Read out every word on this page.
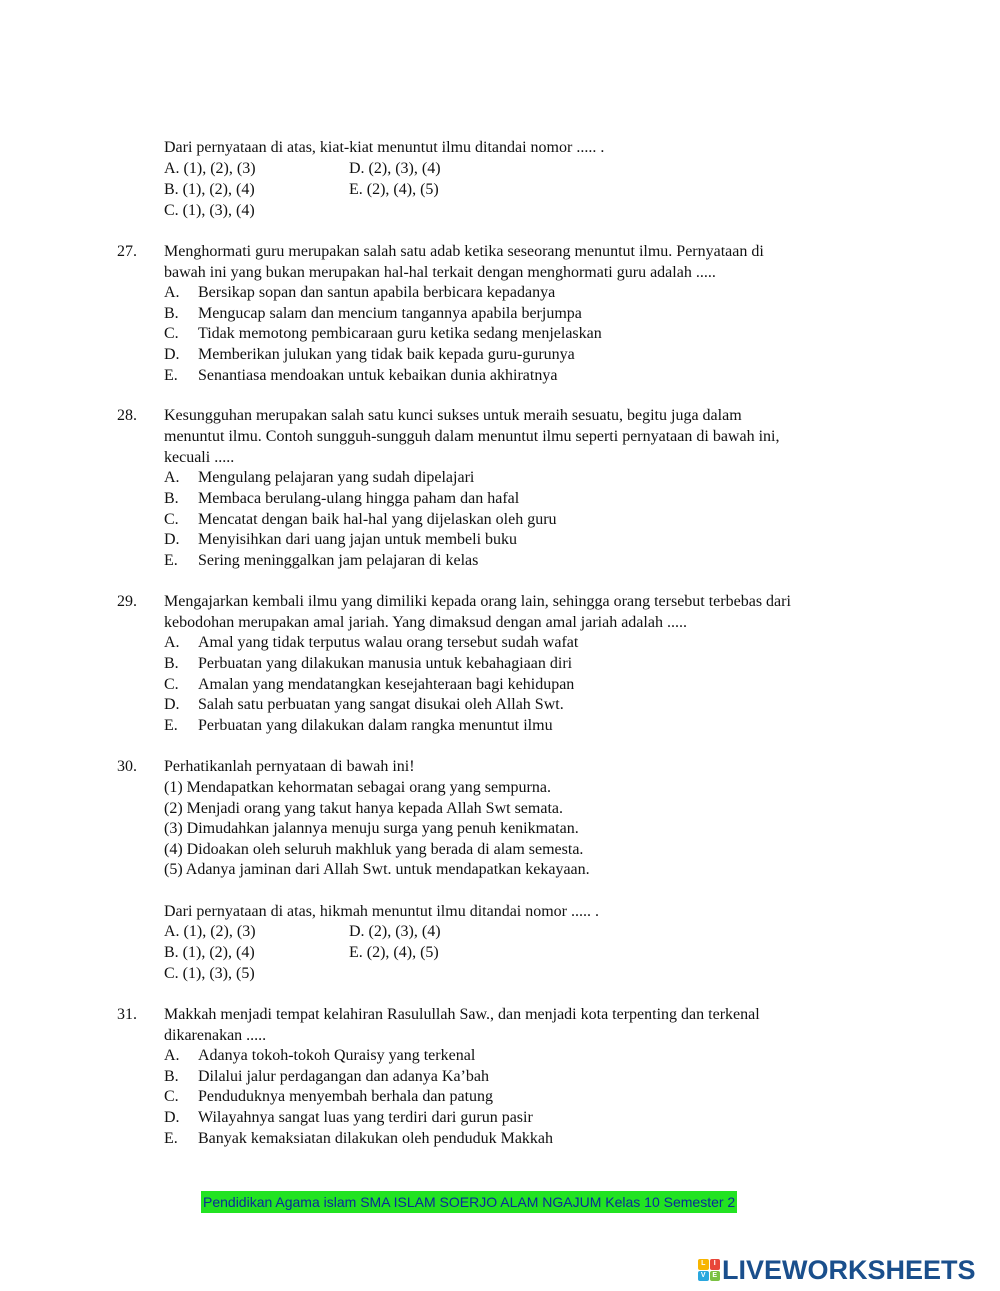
Dari pernyataan di atas, kiat-kiat menuntut ilmu ditandai nomor ..... .
A. (1), (2), (3)	D. (2), (3), (4)
B. (1), (2), (4)	E. (2), (4), (5)
C. (1), (3), (4)
27. Menghormati guru merupakan salah satu adab ketika seseorang menuntut ilmu. Pernyataan di
bawah ini yang bukan merupakan hal-hal terkait dengan menghormati guru adalah .....
A. Bersikap sopan dan santun apabila berbicara kepadanya
B. Mengucap salam dan mencium tangannya apabila berjumpa
C. Tidak memotong pembicaraan guru ketika sedang menjelaskan
D. Memberikan julukan yang tidak baik kepada guru-gurunya
E. Senantiasa mendoakan untuk kebaikan dunia akhiratnya
28. Kesungguhan merupakan salah satu kunci sukses untuk meraih sesuatu, begitu juga dalam
menuntut ilmu. Contoh sungguh-sungguh dalam menuntut ilmu seperti pernyataan di bawah ini,
kecuali .....
A. Mengulang pelajaran yang sudah dipelajari
B. Membaca berulang-ulang hingga paham dan hafal
C. Mencatat dengan baik hal-hal yang dijelaskan oleh guru
D. Menyisihkan dari uang jajan untuk membeli buku
E. Sering meninggalkan jam pelajaran di kelas
29. Mengajarkan kembali ilmu yang dimiliki kepada orang lain, sehingga orang tersebut terbebas dari
kebodohan merupakan amal jariah. Yang dimaksud dengan amal jariah adalah .....
A. Amal yang tidak terputus walau orang tersebut sudah wafat
B. Perbuatan yang dilakukan manusia untuk kebahagiaan diri
C. Amalan yang mendatangkan kesejahteraan bagi kehidupan
D. Salah satu perbuatan yang sangat disukai oleh Allah Swt.
E. Perbuatan yang dilakukan dalam rangka menuntut ilmu
30. Perhatikanlah pernyataan di bawah ini!
(1) Mendapatkan kehormatan sebagai orang yang sempurna.
(2) Menjadi orang yang takut hanya kepada Allah Swt semata.
(3) Dimudahkan jalannya menuju surga yang penuh kenikmatan.
(4) Didoakan oleh seluruh makhluk yang berada di alam semesta.
(5) Adanya jaminan dari Allah Swt. untuk mendapatkan kekayaan.
Dari pernyataan di atas, hikmah menuntut ilmu ditandai nomor ..... .
A. (1), (2), (3)	D. (2), (3), (4)
B. (1), (2), (4)	E. (2), (4), (5)
C. (1), (3), (5)
31. Makkah menjadi tempat kelahiran Rasulullah Saw., dan menjadi kota terpenting dan terkenal
dikarenakan .....
A. Adanya tokoh-tokoh Quraisy yang terkenal
B. Dilalui jalur perdagangan dan adanya Ka’bah
C. Penduduknya menyembah berhala dan patung
D. Wilayahnya sangat luas yang terdiri dari gurun pasir
E. Banyak kemaksiatan dilakukan oleh penduduk Makkah
Pendidikan Agama islam SMA ISLAM SOERJO ALAM NGAJUM Kelas 10 Semester 2
L	I
V E LIVEWORKSHEETS
